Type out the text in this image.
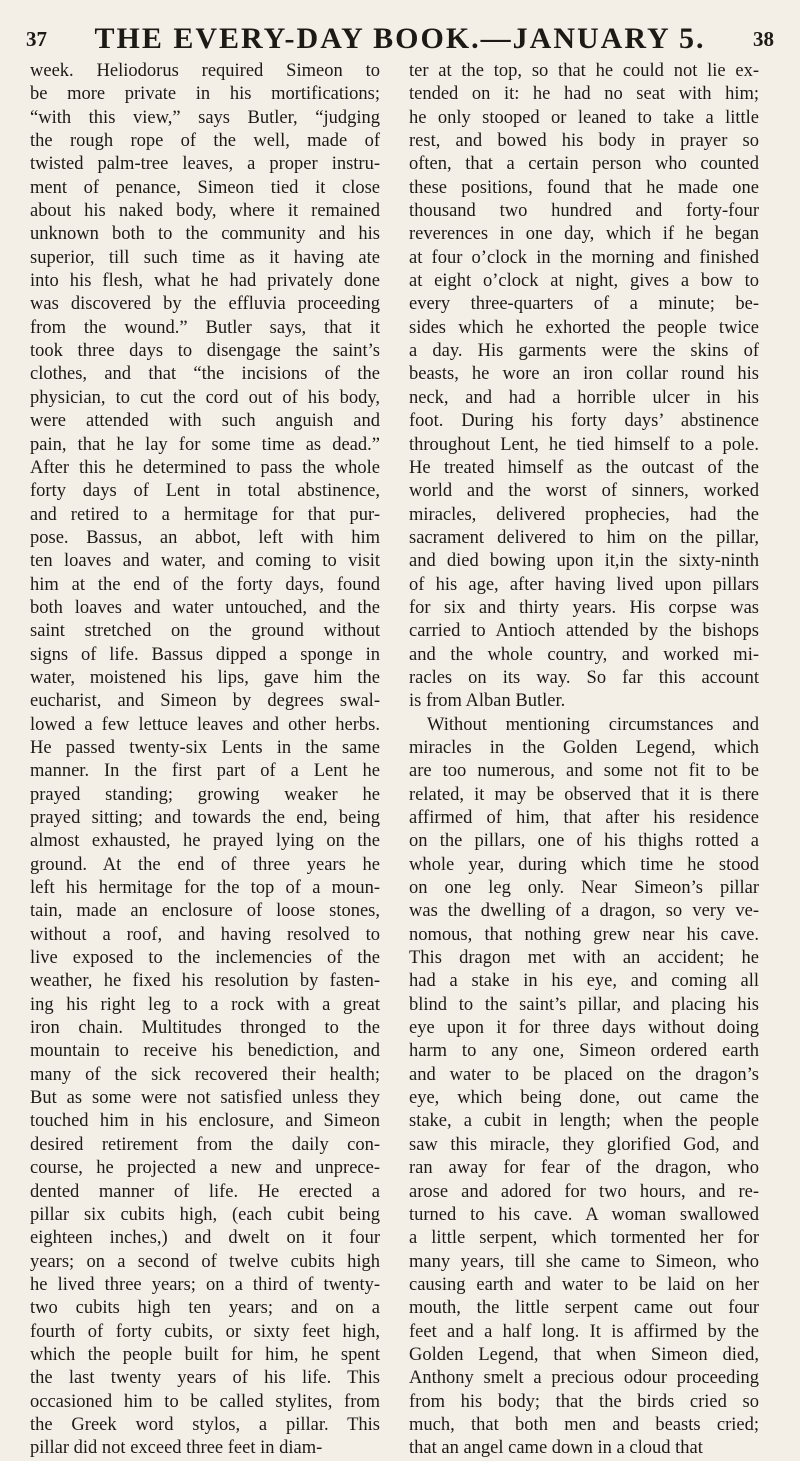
37 THE EVERY-DAY BOOK.—JANUARY 5. 38
week. Heliodorus required Simeon to
be more private in his mortifications;
“with this view,” says Butler, “judging
the rough rope of the well, made of
twisted palm-tree leaves, a proper instru-
ment of penance, Simeon tied it close
about his naked body, where it remained
unknown both to the community and his
superior, till such time as it having ate
into his flesh, what he had privately done
was discovered by the effluvia proceeding
from the wound.” Butler says, that it
took three days to disengage the saint’s
clothes, and that “the incisions of the
physician, to cut the cord out of his body,
were attended with such anguish and
pain, that he lay for some time as dead.”
After this he determined to pass the whole
forty days of Lent in total abstinence,
and retired to a hermitage for that pur-
pose. Bassus, an abbot, left with him
ten loaves and water, and coming to visit
him at the end of the forty days, found
both loaves and water untouched, and the
saint stretched on the ground without
signs of life. Bassus dipped a sponge in
water, moistened his lips, gave him the
eucharist, and Simeon by degrees swal-
lowed a few lettuce leaves and other herbs.
He passed twenty-six Lents in the same
manner. In the first part of a Lent he
prayed standing; growing weaker he
prayed sitting; and towards the end, being
almost exhausted, he prayed lying on the
ground. At the end of three years he
left his hermitage for the top of a moun-
tain, made an enclosure of loose stones,
without a roof, and having resolved to
live exposed to the inclemencies of the
weather, he fixed his resolution by fasten-
ing his right leg to a rock with a great
iron chain. Multitudes thronged to the
mountain to receive his benediction, and
many of the sick recovered their health;
But as some were not satisfied unless they
touched him in his enclosure, and Simeon
desired retirement from the daily con-
course, he projected a new and unprece-
dented manner of life. He erected a
pillar six cubits high, (each cubit being
eighteen inches,) and dwelt on it four
years; on a second of twelve cubits high
he lived three years; on a third of twenty-
two cubits high ten years; and on a
fourth of forty cubits, or sixty feet high,
which the people built for him, he spent
the last twenty years of his life. This
occasioned him to be called stylites, from
the Greek word stylos, a pillar. This
pillar did not exceed three feet in diam-
ter at the top, so that he could not lie ex-
tended on it: he had no seat with him;
he only stooped or leaned to take a little
rest, and bowed his body in prayer so
often, that a certain person who counted
these positions, found that he made one
thousand two hundred and forty-four
reverences in one day, which if he began
at four o’clock in the morning and finished
at eight o’clock at night, gives a bow to
every three-quarters of a minute; be-
sides which he exhorted the people twice
a day. His garments were the skins of
beasts, he wore an iron collar round his
neck, and had a horrible ulcer in his
foot. During his forty days’ abstinence
throughout Lent, he tied himself to a pole.
He treated himself as the outcast of the
world and the worst of sinners, worked
miracles, delivered prophecies, had the
sacrament delivered to him on the pillar,
and died bowing upon it,in the sixty-ninth
of his age, after having lived upon pillars
for six and thirty years. His corpse was
carried to Antioch attended by the bishops
and the whole country, and worked mi-
racles on its way. So far this account
is from Alban Butler.
Without mentioning circumstances and
miracles in the Golden Legend, which
are too numerous, and some not fit to be
related, it may be observed that it is there
affirmed of him, that after his residence
on the pillars, one of his thighs rotted a
whole year, during which time he stood
on one leg only. Near Simeon’s pillar
was the dwelling of a dragon, so very ve-
nomous, that nothing grew near his cave.
This dragon met with an accident; he
had a stake in his eye, and coming all
blind to the saint’s pillar, and placing his
eye upon it for three days without doing
harm to any one, Simeon ordered earth
and water to be placed on the dragon’s
eye, which being done, out came the
stake, a cubit in length; when the people
saw this miracle, they glorified God, and
ran away for fear of the dragon, who
arose and adored for two hours, and re-
turned to his cave. A woman swallowed
a little serpent, which tormented her for
many years, till she came to Simeon, who
causing earth and water to be laid on her
mouth, the little serpent came out four
feet and a half long. It is affirmed by the
Golden Legend, that when Simeon died,
Anthony smelt a precious odour proceeding
from his body; that the birds cried so
much, that both men and beasts cried;
that an angel came down in a cloud that
